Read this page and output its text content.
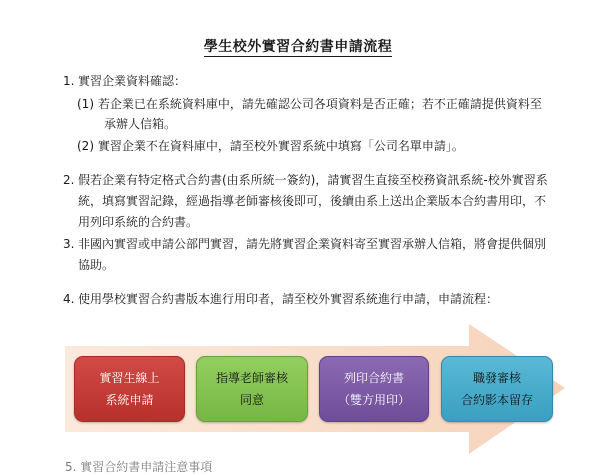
學生校外實習合約書申請流程
1. 實習企業資料確認：
(1) 若企業已在系統資料庫中，請先確認公司各項資料是否正確；若不正確請提供資料至
承辦人信箱。
(2) 實習企業不在資料庫中，請至校外實習系統中填寫「公司名單申請」。
2. 假若企業有特定格式合約書(由系所統一簽約)，請實習生直接至校務資訊系統-校外實習系
統，填寫實習記錄，經過指導老師審核後即可，後續由系上送出企業版本合約書用印，不
用列印系統的合約書。
3. 非國內實習或申請公部門實習，請先將實習企業資料寄至實習承辦人信箱，將會提供個別
協助。
4. 使用學校實習合約書版本進行用印者，請至校外實習系統進行申請，申請流程：
實習生線上
系統申請
指導老師審核
同意
列印合約書
（雙方用印）
職發審核
合約影本留存
5. 實習合約書申請注意事項
